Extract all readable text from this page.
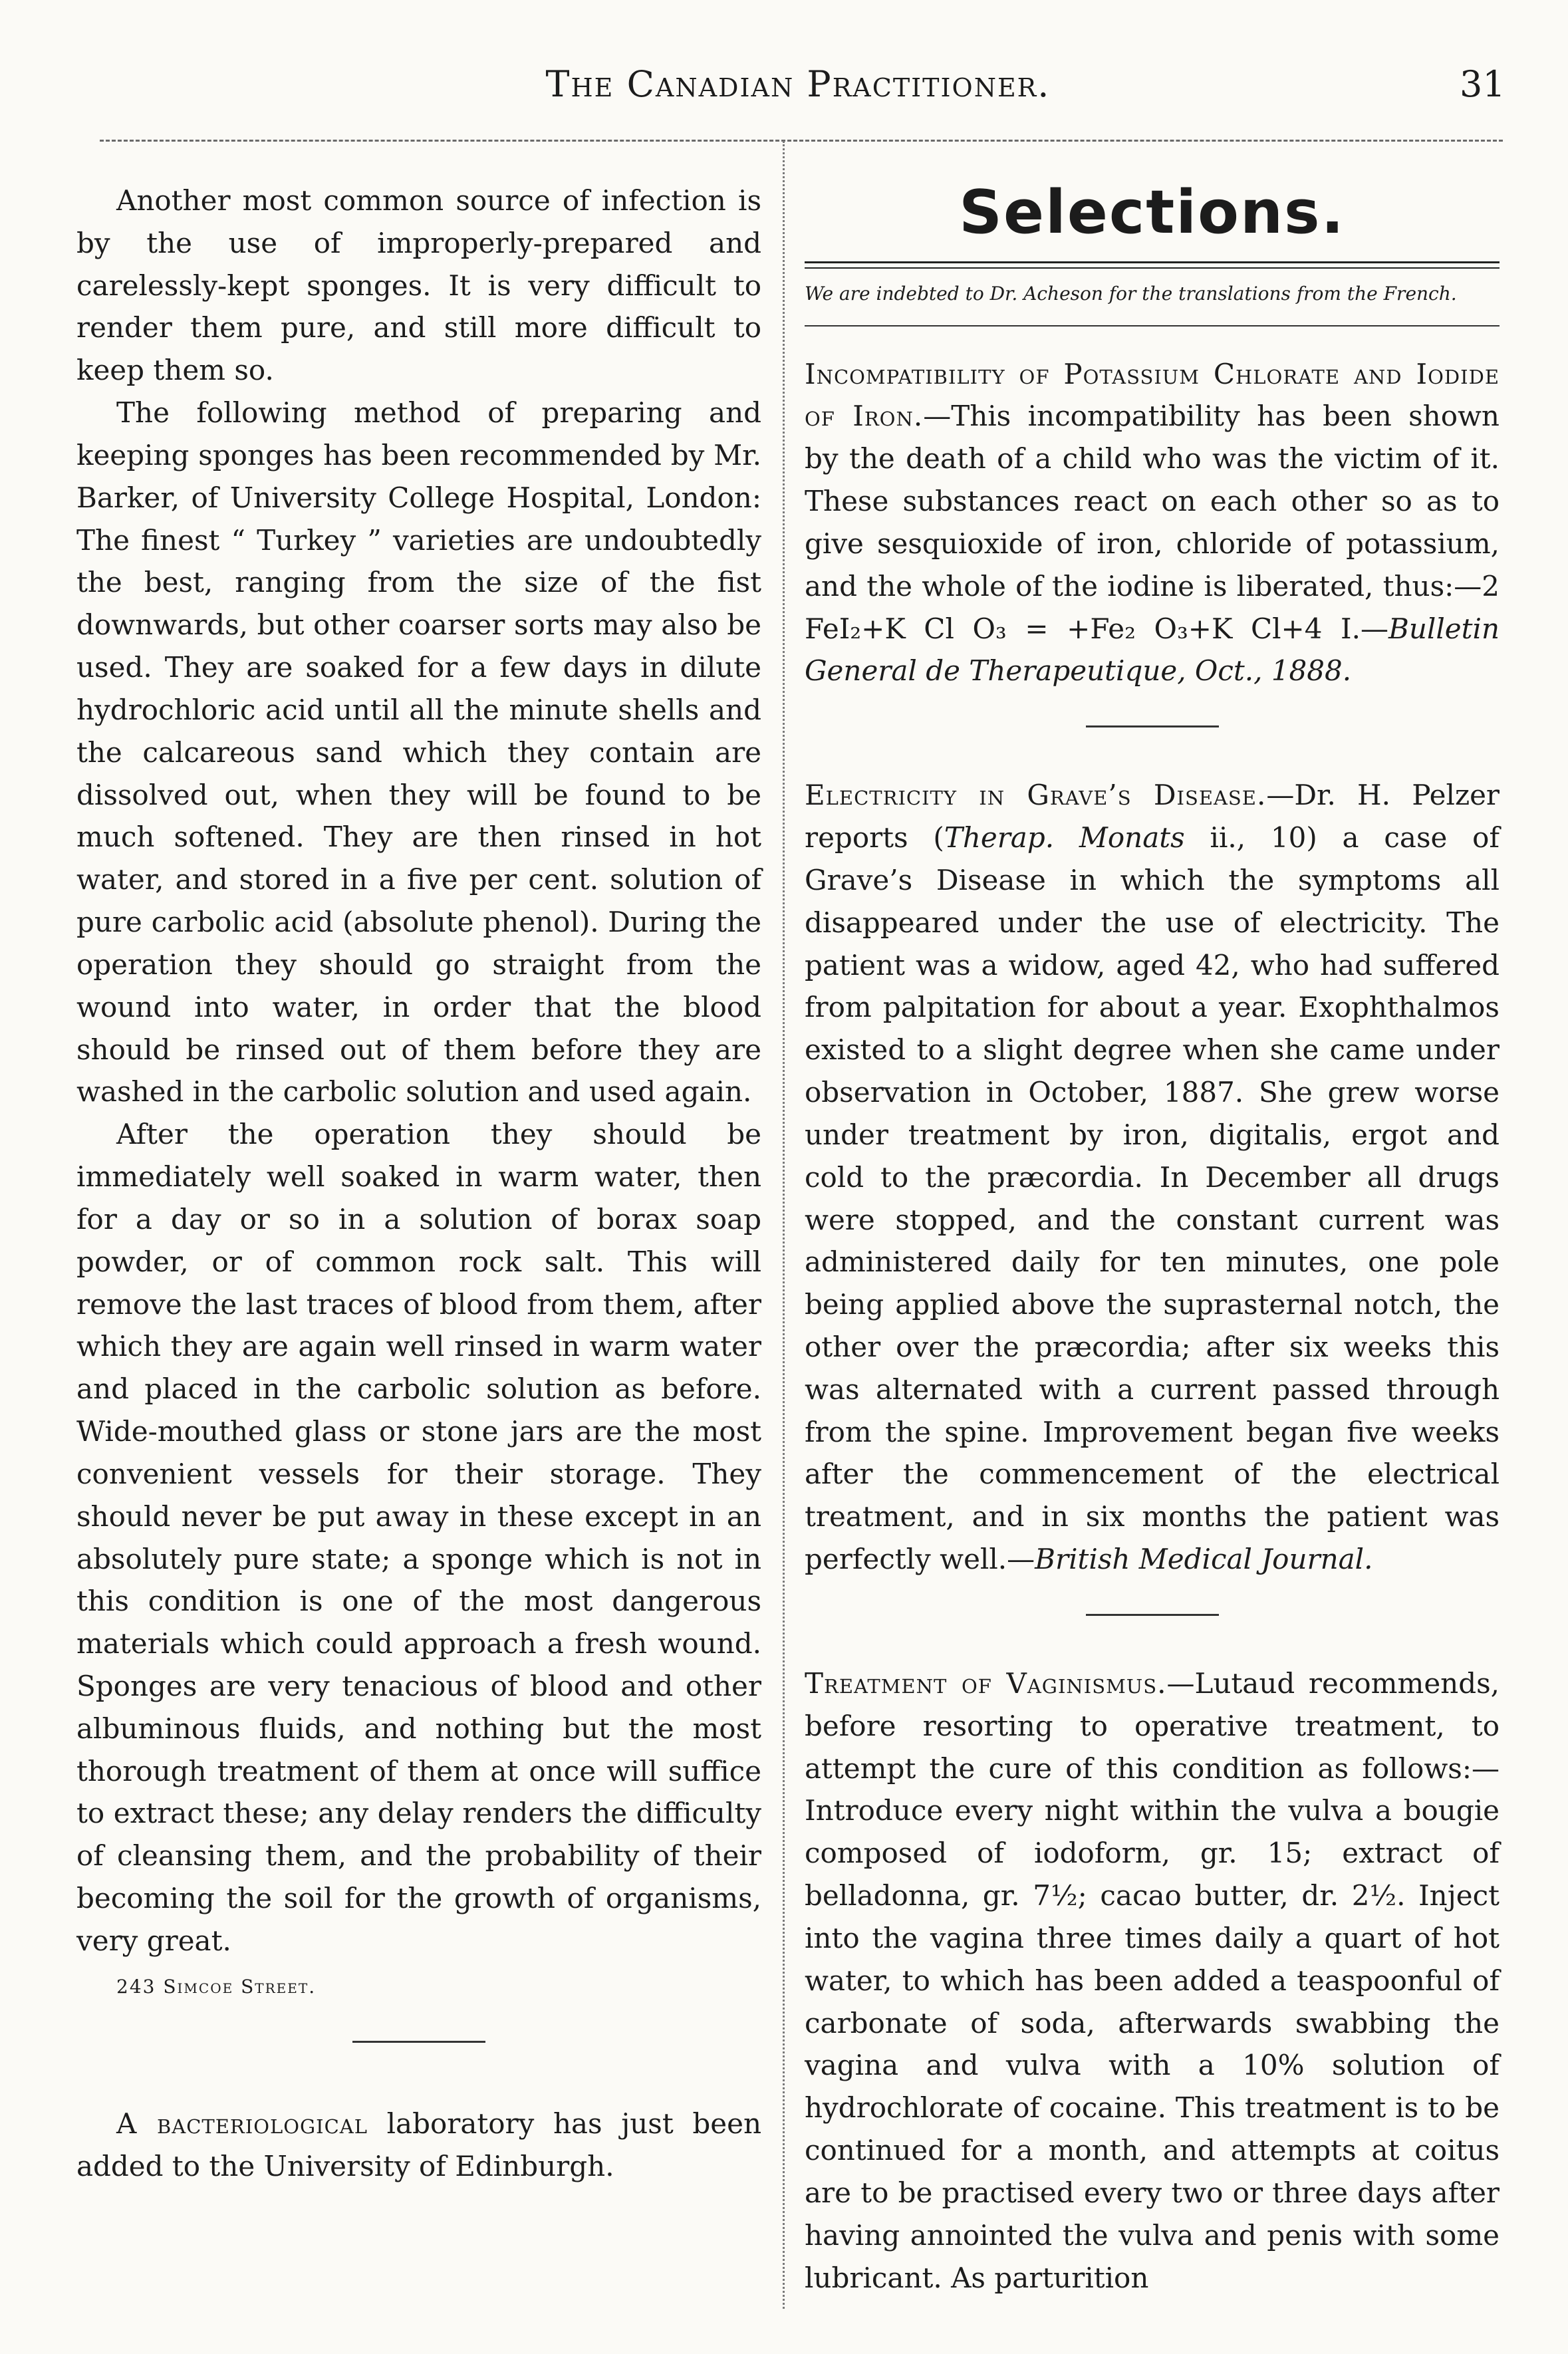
The Canadian Practitioner.	31

Another most common source of infection is by the use of improperly-prepared and carelessly-kept sponges. It is very difficult to render them pure, and still more difficult to keep them so.

The following method of preparing and keeping sponges has been recommended by Mr. Barker, of University College Hospital, London: The finest “ Turkey ” varieties are undoubtedly the best, ranging from the size of the fist downwards, but other coarser sorts may also be used. They are soaked for a few days in dilute hydrochloric acid until all the minute shells and the calcareous sand which they contain are dissolved out, when they will be found to be much softened. They are then rinsed in hot water, and stored in a five per cent. solution of pure carbolic acid (absolute phenol). During the operation they should go straight from the wound into water, in order that the blood should be rinsed out of them before they are washed in the carbolic solution and used again.

After the operation they should be immediately well soaked in warm water, then for a day or so in a solution of borax soap powder, or of common rock salt. This will remove the last traces of blood from them, after which they are again well rinsed in warm water and placed in the carbolic solution as before. Wide-mouthed glass or stone jars are the most convenient vessels for their storage. They should never be put away in these except in an absolutely pure state; a sponge which is not in this condition is one of the most dangerous materials which could approach a fresh wound. Sponges are very tenacious of blood and other albuminous fluids, and nothing but the most thorough treatment of them at once will suffice to extract these; any delay renders the difficulty of cleansing them, and the probability of their becoming the soil for the growth of organisms, very great.

243 Simcoe Street.

A bacteriological laboratory has just been added to the University of Edinburgh.

Selections.
We are indebted to Dr. Acheson for the translations from the French.

Incompatibility of Potassium Chlorate and Iodide of Iron.—This incompatibility has been shown by the death of a child who was the victim of it. These substances react on each other so as to give sesquioxide of iron, chloride of potassium, and the whole of the iodine is liberated, thus:—2 FeI₂+K Cl O₃ = +Fe₂ O₃+K Cl+4 I.—Bulletin General de Therapeutique, Oct., 1888.

Electricity in Grave’s Disease.—Dr. H. Pelzer reports (Therap. Monats ii., 10) a case of Grave’s Disease in which the symptoms all disappeared under the use of electricity. The patient was a widow, aged 42, who had suffered from palpitation for about a year. Exophthalmos existed to a slight degree when she came under observation in October, 1887. She grew worse under treatment by iron, digitalis, ergot and cold to the præcordia. In December all drugs were stopped, and the constant current was administered daily for ten minutes, one pole being applied above the suprasternal notch, the other over the præcordia; after six weeks this was alternated with a current passed through from the spine. Improvement began five weeks after the commencement of the electrical treatment, and in six months the patient was perfectly well.—British Medical Journal.

Treatment of Vaginismus.—Lutaud recommends, before resorting to operative treatment, to attempt the cure of this condition as follows:—Introduce every night within the vulva a bougie composed of iodoform, gr. 15; extract of belladonna, gr. 7½; cacao butter, dr. 2½. Inject into the vagina three times daily a quart of hot water, to which has been added a teaspoonful of carbonate of soda, afterwards swabbing the vagina and vulva with a 10% solution of hydrochlorate of cocaine. This treatment is to be continued for a month, and attempts at coitus are to be practised every two or three days after having annointed the vulva and penis with some lubricant. As parturition
